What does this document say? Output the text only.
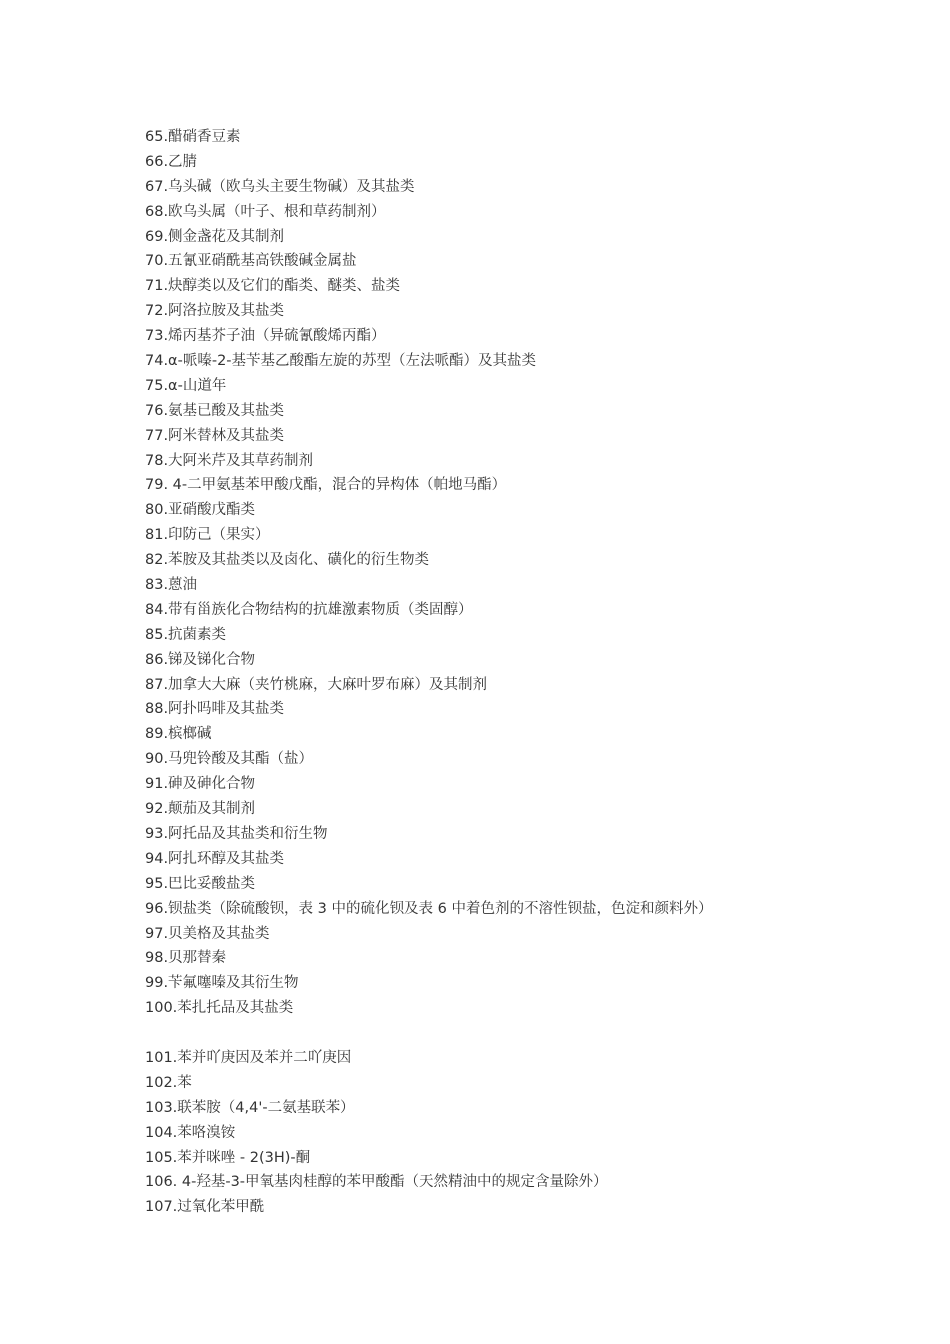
65.醋硝香豆素
66.乙腈
67.乌头碱（欧乌头主要生物碱）及其盐类
68.欧乌头属（叶子、根和草药制剂）
69.侧金盏花及其制剂
70.五氰亚硝酰基高铁酸碱金属盐
71.炔醇类以及它们的酯类、醚类、盐类
72.阿洛拉胺及其盐类
73.烯丙基芥子油（异硫氰酸烯丙酯）
74.α-哌嗪-2-基苄基乙酸酯左旋的苏型（左法哌酯）及其盐类
75.α-山道年
76.氨基已酸及其盐类
77.阿米替林及其盐类
78.大阿米芹及其草药制剂
79. 4-二甲氨基苯甲酸戊酯，混合的异构体（帕地马酯）
80.亚硝酸戊酯类
81.印防己（果实）
82.苯胺及其盐类以及卤化、磺化的衍生物类
83.蒽油
84.带有甾族化合物结构的抗雄激素物质（类固醇）
85.抗菌素类
86.锑及锑化合物
87.加拿大大麻（夹竹桃麻，大麻叶罗布麻）及其制剂
88.阿扑吗啡及其盐类
89.槟榔碱
90.马兜铃酸及其酯（盐）
91.砷及砷化合物
92.颠茄及其制剂
93.阿托品及其盐类和衍生物
94.阿扎环醇及其盐类
95.巴比妥酸盐类
96.钡盐类（除硫酸钡，表 3 中的硫化钡及表 6 中着色剂的不溶性钡盐，色淀和颜料外）
97.贝美格及其盐类
98.贝那替秦
99.苄氟噻嗪及其衍生物
100.苯扎托品及其盐类
101.苯并吖庚因及苯并二吖庚因
102.苯
103.联苯胺（4,4'-二氨基联苯）
104.苯咯溴铵
105.苯并咪唑 - 2(3H)-酮
106. 4-羟基-3-甲氧基肉桂醇的苯甲酸酯（天然精油中的规定含量除外）
107.过氧化苯甲酰
